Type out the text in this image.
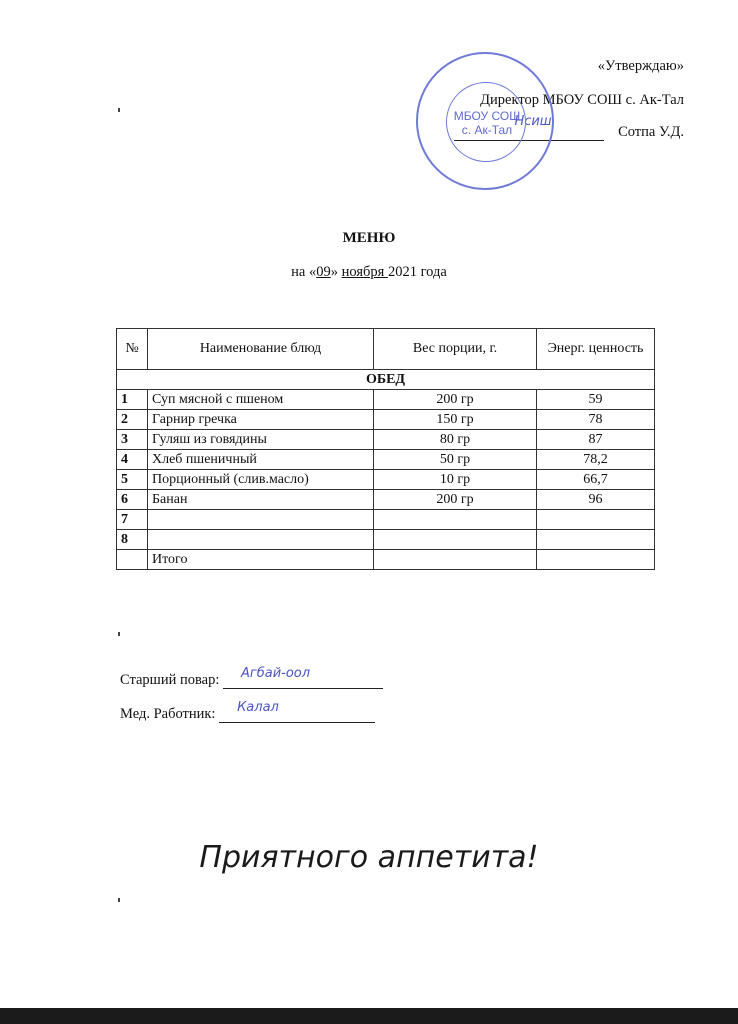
«Утверждаю»
Директор МБОУ СОШ с. Ак-Тал
Нсиш
Сотпа У.Д.
МБОУ СОШ
с. Ак-Тал
МЕНЮ
на «09» ноября 2021 года
№	Наименование блюд	Вес порции, г.	Энерг. ценность
ОБЕД			
1	Суп мясной с пшеном	200 гр	59
2	Гарнир гречка	150 гр	78
3	Гуляш из говядины	80 гр	87
4	Хлеб пшеничный	50 гр	78,2
5	Порционный (слив.масло)	10 гр	66,7
6	Банан	200 гр	96
7			
8			
	Итого		
Старший повар: Агбай-оол
Мед. Работник: Калал
Приятного аппетита!
